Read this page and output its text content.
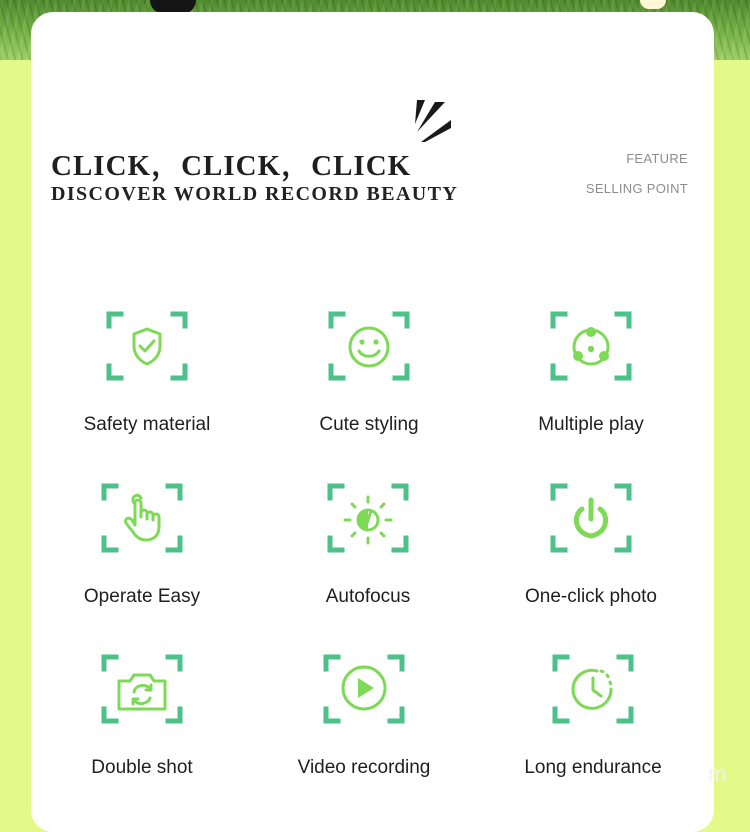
CLICK，CLICK，CLICK
DISCOVER WORLD RECORD BEAUTY
FEATURE
SELLING POINT
Safety material	Cute styling	Multiple play
Operate Easy	Autofocus	One-click photo
Double shot	Video recording	Long endurance	m
